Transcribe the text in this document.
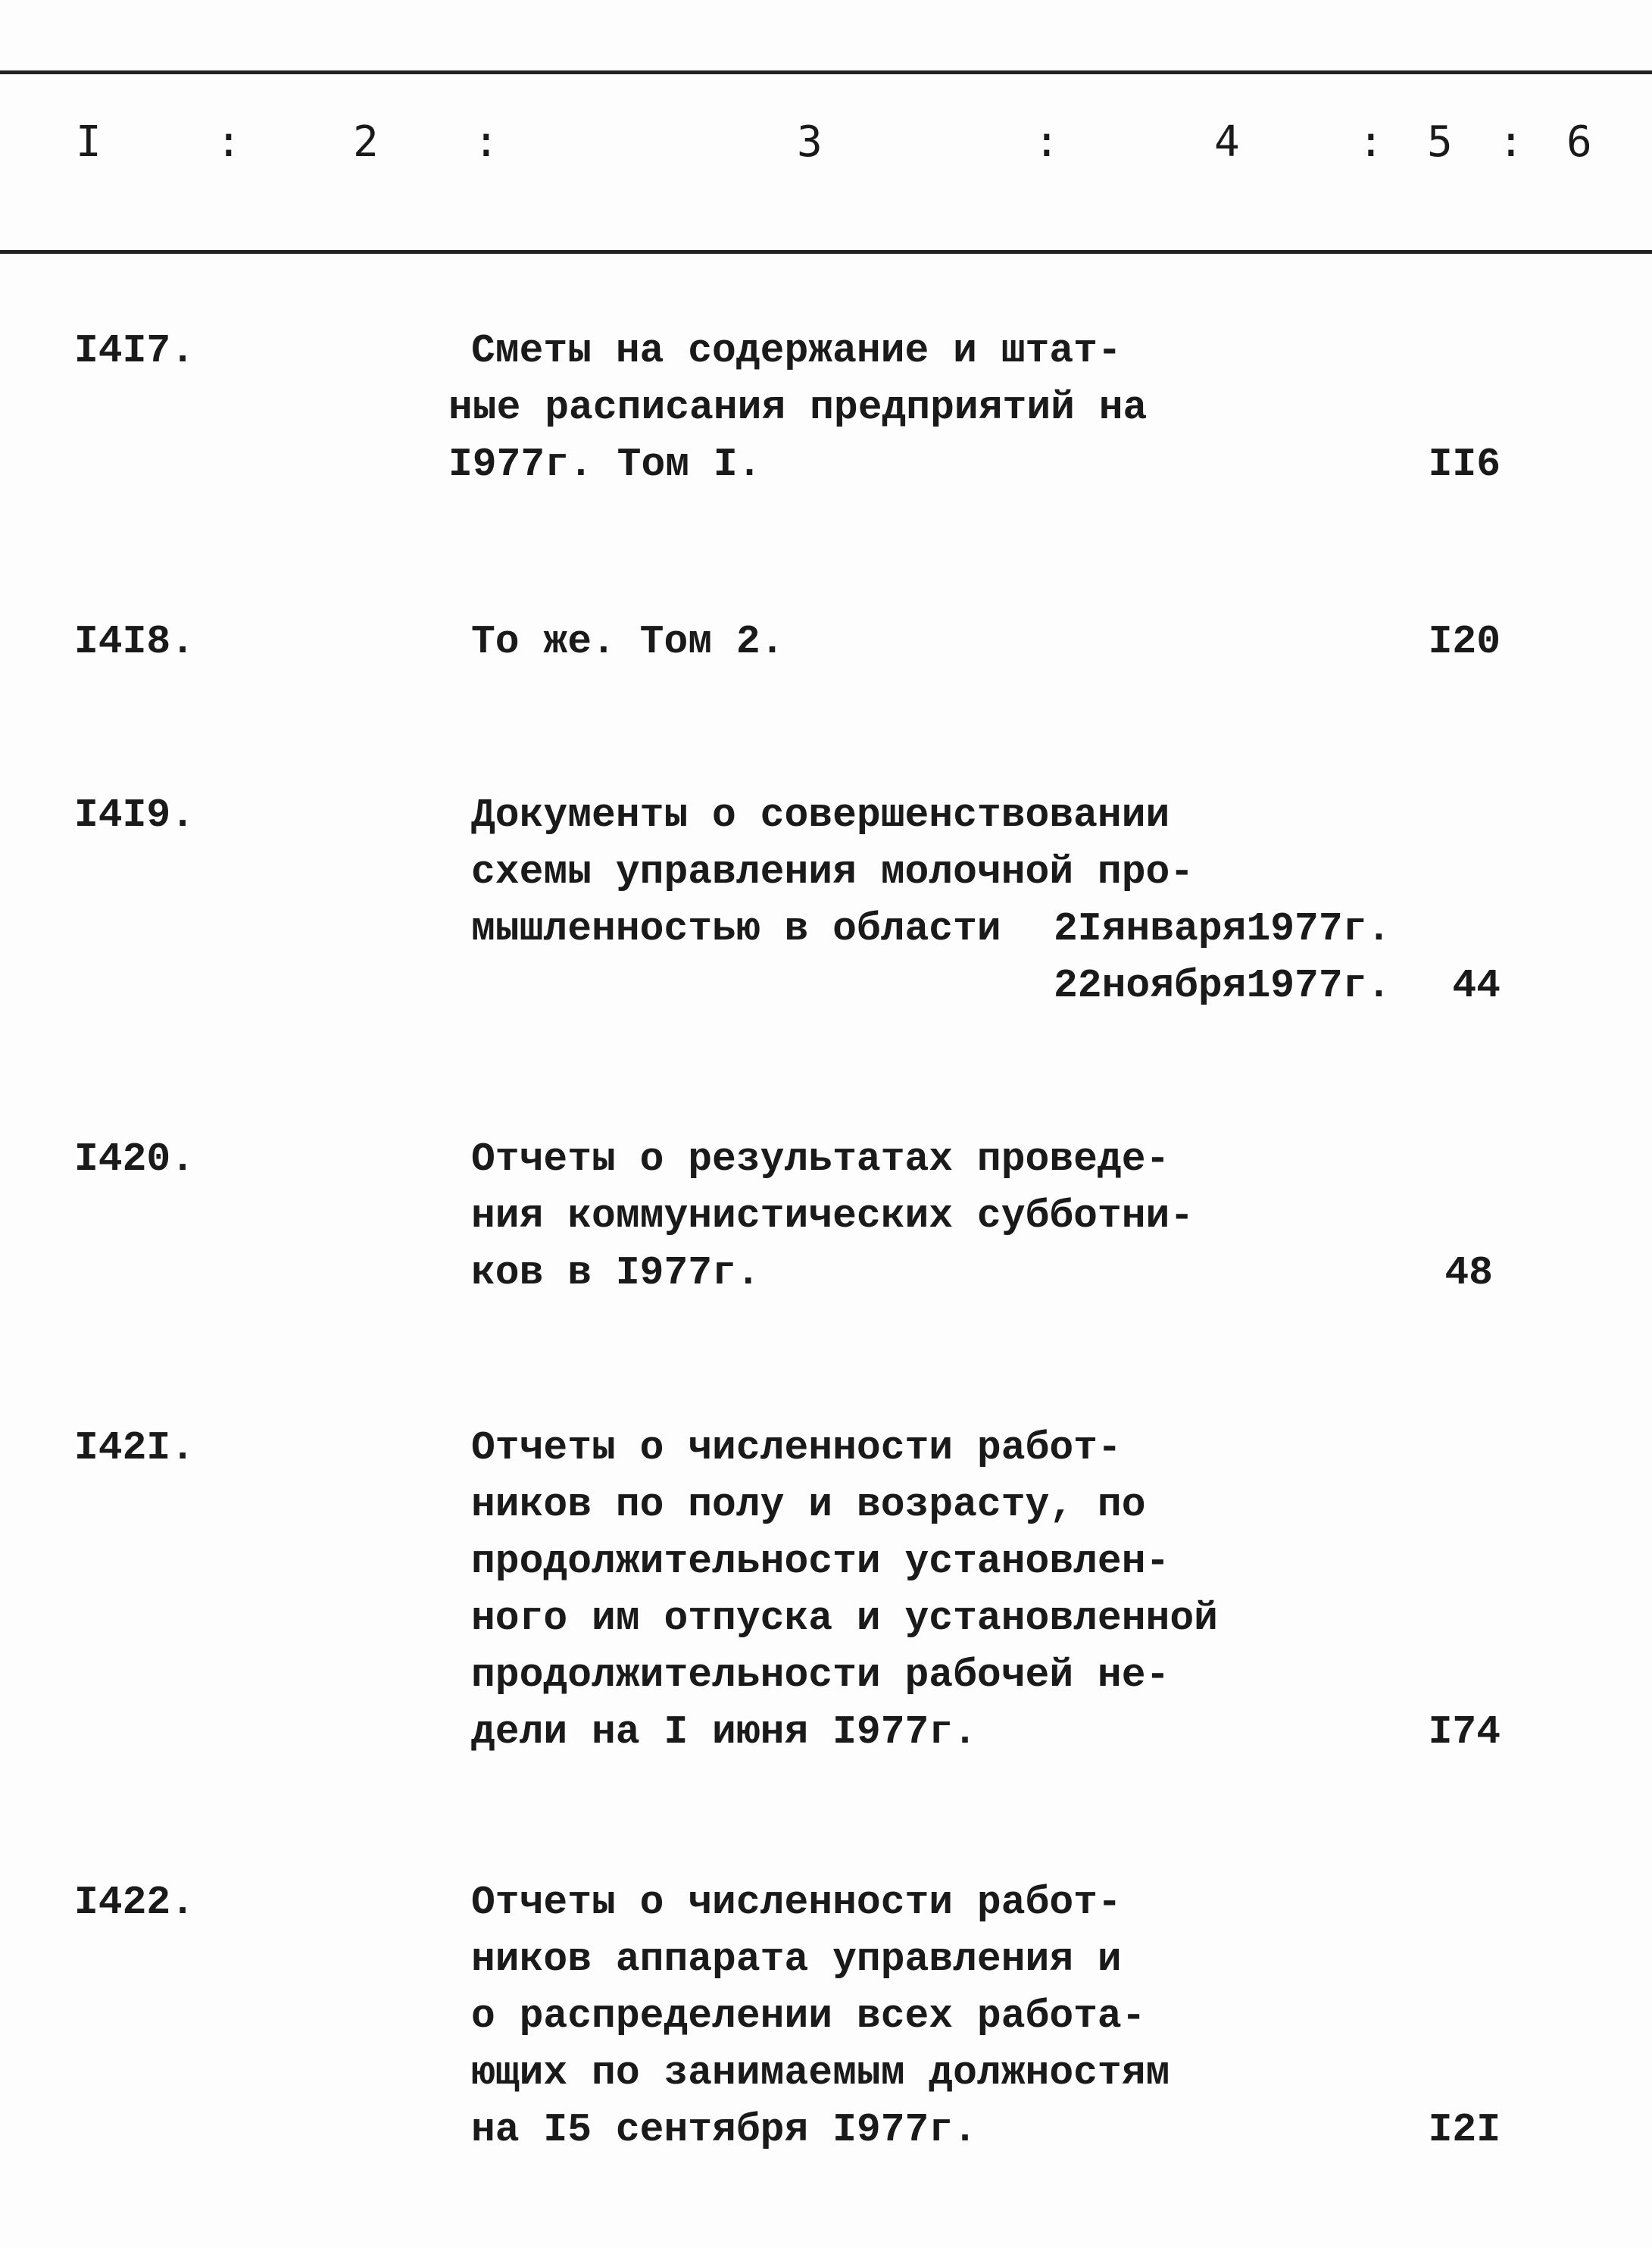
I	:	2 :	3	:	4	: 5 : 6
I4I7.	Сметы на содержание и штат-
ные расписания предприятий на
I977г. Том I.	II6
I4I8.	То же. Том 2.	I20
I4I9.	Документы о совершенствовании
схемы управления молочной про-
мышленностью в области	2Iянваря1977г.
22ноября1977г. 44
I420.	Отчеты о результатах проведе-
ния коммунистических субботни-
ков в I977г.	48
I42I.	Отчеты о численности работ-
ников по полу и возрасту, по
продолжительности установлен-
ного им отпуска и установленной
продолжительности рабочей не-
дели на I июня I977г.	I74
I422.	Отчеты о численности работ-
ников аппарата управления и
о распределении всех работа-
ющих по занимаемым должностям
на I5 сентября I977г.	I2I
